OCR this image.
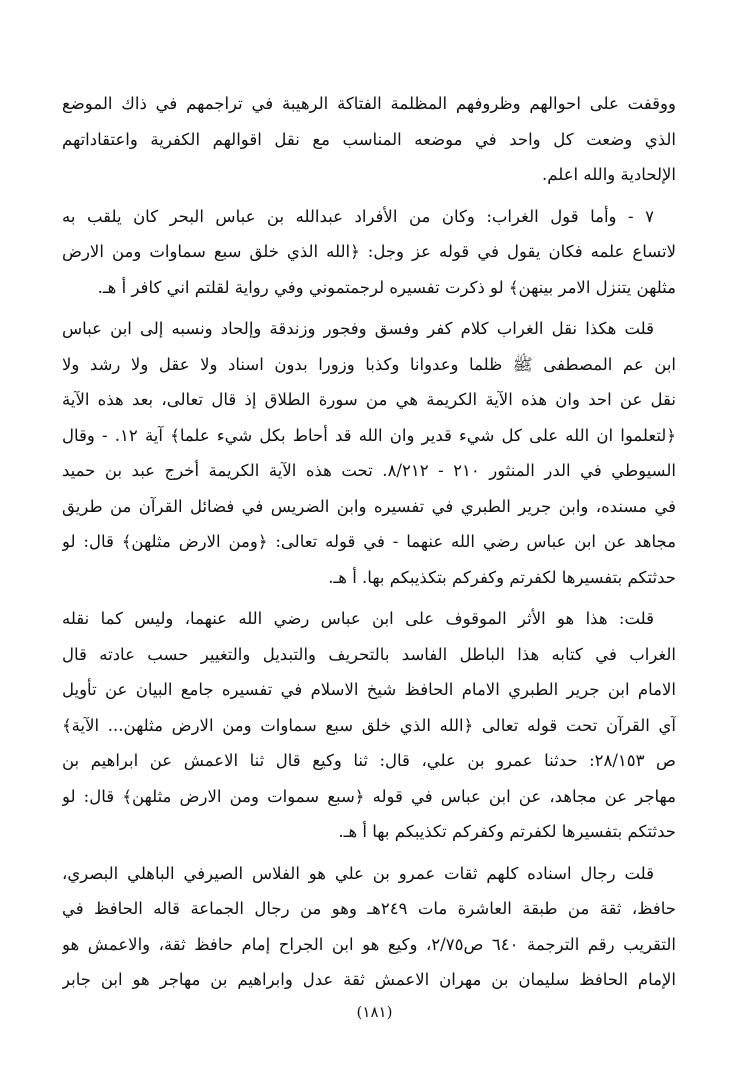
ووقفت على احوالهم وظروفهم المظلمة الفتاكة الرهيبة في تراجمهم في ذاك الموضع
الذي وضعت كل واحد في موضعه المناسب مع نقل اقوالهم الكفرية واعتقاداتهم
الإلحادية والله اعلم.
٧ - وأما قول الغراب: وكان من الأفراد عبدالله بن عباس البحر كان يلقب به
لاتساع علمه فكان يقول في قوله عز وجل: ﴿الله الذي خلق سبع سماوات ومن الارض
مثلهن يتنزل الامر بينهن﴾ لو ذكرت تفسيره لرجمتموني وفي رواية لقلتم اني كافر أ هـ.
قلت هكذا نقل الغراب كلام كفر وفسق وفجور وزندقة وإلحاد ونسبه إلى ابن عباس
ابن عم المصطفى ﷺ ظلما وعدوانا وكذبا وزورا بدون اسناد ولا عقل ولا رشد ولا
نقل عن احد وان هذه الآية الكريمة هي من سورة الطلاق إذ قال تعالى، بعد هذه الآية
﴿لتعلموا ان الله على كل شيء قدير وان الله قد أحاط بكل شيء علما﴾ آية ١٢. - وقال
السيوطي في الدر المنثور ٢١٠ - ٨/٢١٢. تحت هذه الآية الكريمة أخرج عبد بن حميد
في مسنده، وابن جرير الطبري في تفسيره وابن الضريس في فضائل القرآن من طريق
مجاهد عن ابن عباس رضي الله عنهما - في قوله تعالى: ﴿ومن الارض مثلهن﴾ قال: لو
حدثتكم بتفسيرها لكفرتم وكفركم بتكذيبكم بها. أ هـ.
قلت: هذا هو الأثر الموقوف على ابن عباس رضي الله عنهما، وليس كما نقله
الغراب في كتابه هذا الباطل الفاسد بالتحريف والتبديل والتغيير حسب عادته قال
الامام ابن جرير الطبري الامام الحافظ شيخ الاسلام في تفسيره جامع البيان عن تأويل
آي القرآن تحت قوله تعالى ﴿الله الذي خلق سبع سماوات ومن الارض مثلهن... الآية﴾
ص ٢٨/١٥٣: حدثنا عمرو بن علي، قال: ثنا وكيع قال ثنا الاعمش عن ابراهيم بن
مهاجر عن مجاهد، عن ابن عباس في قوله ﴿سبع سموات ومن الارض مثلهن﴾ قال: لو
حدثتكم بتفسيرها لكفرتم وكفركم تكذيبكم بها أ هـ.
قلت رجال اسناده كلهم ثقات عمرو بن علي هو الفلاس الصيرفي الباهلي البصري،
حافظ، ثقة من طبقة العاشرة مات ٢٤٩هـ وهو من رجال الجماعة قاله الحافظ في
التقريب رقم الترجمة ٦٤٠ ص٢/٧٥، وكيع هو ابن الجراح إمام حافظ ثقة، والاعمش هو
الإمام الحافظ سليمان بن مهران الاعمش ثقة عدل وابراهيم بن مهاجر هو ابن جابر
(١٨١)
